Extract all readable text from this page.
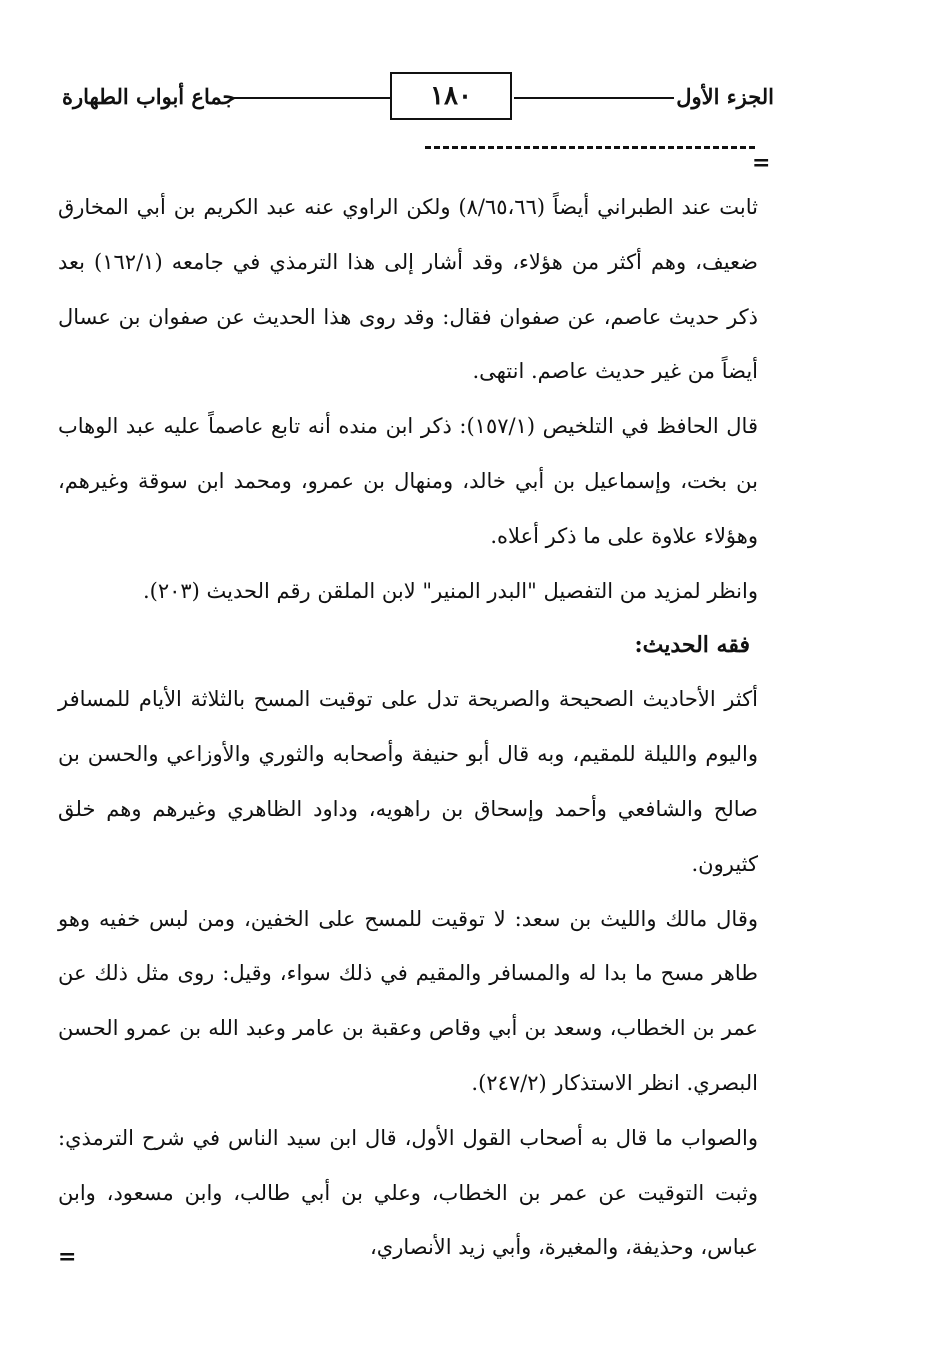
الجزء الأول
١٨٠
جماع أبواب الطهارة
=

ثابت عند الطبراني أيضاً (٨/٦٥،٦٦) ولكن الراوي عنه عبد الكريم بن أبي المخارق ضعيف، وهم أكثر من هؤلاء، وقد أشار إلى هذا الترمذي في جامعه (١٦٢/١) بعد ذكر حديث عاصم، عن صفوان فقال: وقد روى هذا الحديث عن صفوان بن عسال أيضاً من غير حديث عاصم. انتهى.

قال الحافظ في التلخيص (١٥٧/١): ذكر ابن منده أنه تابع عاصماً عليه عبد الوهاب بن بخت، وإسماعيل بن أبي خالد، ومنهال بن عمرو، ومحمد ابن سوقة وغيرهم، وهؤلاء علاوة على ما ذكر أعلاه.

وانظر لمزيد من التفصيل "البدر المنير" لابن الملقن رقم الحديث (٢٠٣).

فقه الحديث:

أكثر الأحاديث الصحيحة والصريحة تدل على توقيت المسح بالثلاثة الأيام للمسافر واليوم والليلة للمقيم، وبه قال أبو حنيفة وأصحابه والثوري والأوزاعي والحسن بن صالح والشافعي وأحمد وإسحاق بن راهويه، وداود الظاهري وغيرهم وهم خلق كثيرون.

وقال مالك والليث بن سعد: لا توقيت للمسح على الخفين، ومن لبس خفيه وهو طاهر مسح ما بدا له والمسافر والمقيم في ذلك سواء، وقيل: روى مثل ذلك عن عمر بن الخطاب، وسعد بن أبي وقاص وعقبة بن عامر وعبد الله بن عمرو الحسن البصري. انظر الاستذكار (٢٤٧/٢).

والصواب ما قال به أصحاب القول الأول، قال ابن سيد الناس في شرح الترمذي: وثبت التوقيت عن عمر بن الخطاب، وعلي بن أبي طالب، وابن مسعود، وابن عباس، وحذيفة، والمغيرة، وأبي زيد الأنصاري،

=
